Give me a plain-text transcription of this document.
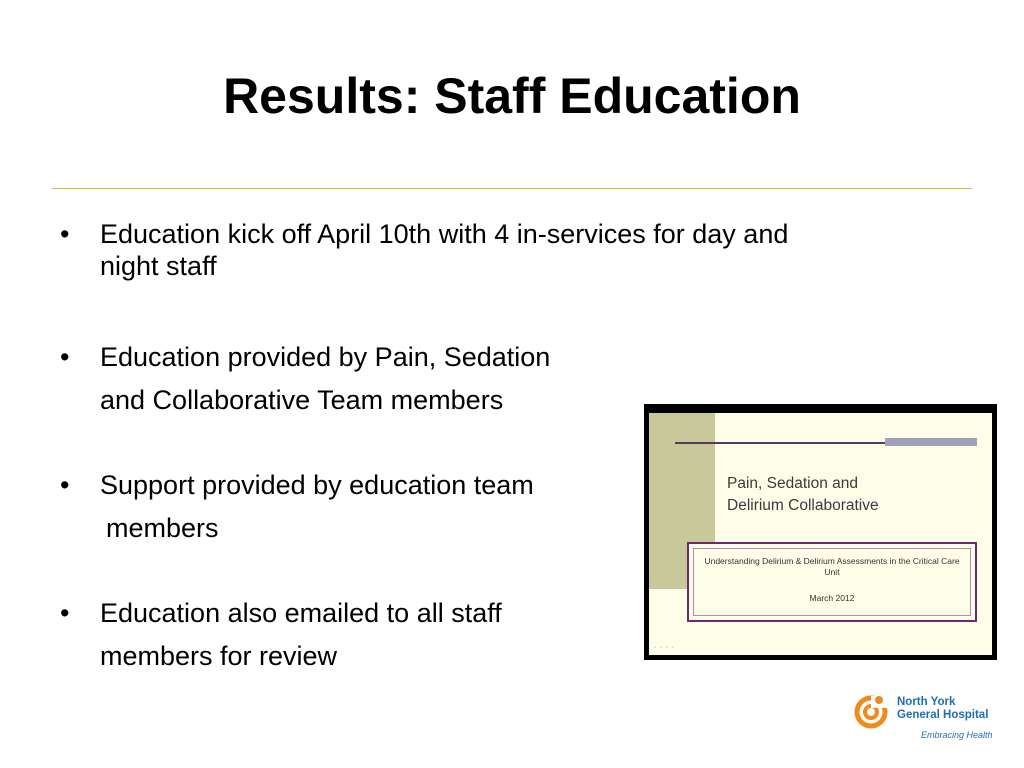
Results: Staff Education
•	Education kick off April 10th with 4 in-services for day and
night staff
•	Education provided by Pain, Sedation
and Collaborative Team members
•	Support provided by education team
members
•	Education also emailed to all staff
members for review
Pain, Sedation and
Delirium Collaborative
Understanding Delirium & Delirium Assessments in the Critical Care Unit
March 2012
▪ ▪ ▪ ▪
North York
General Hospital
Embracing Health
